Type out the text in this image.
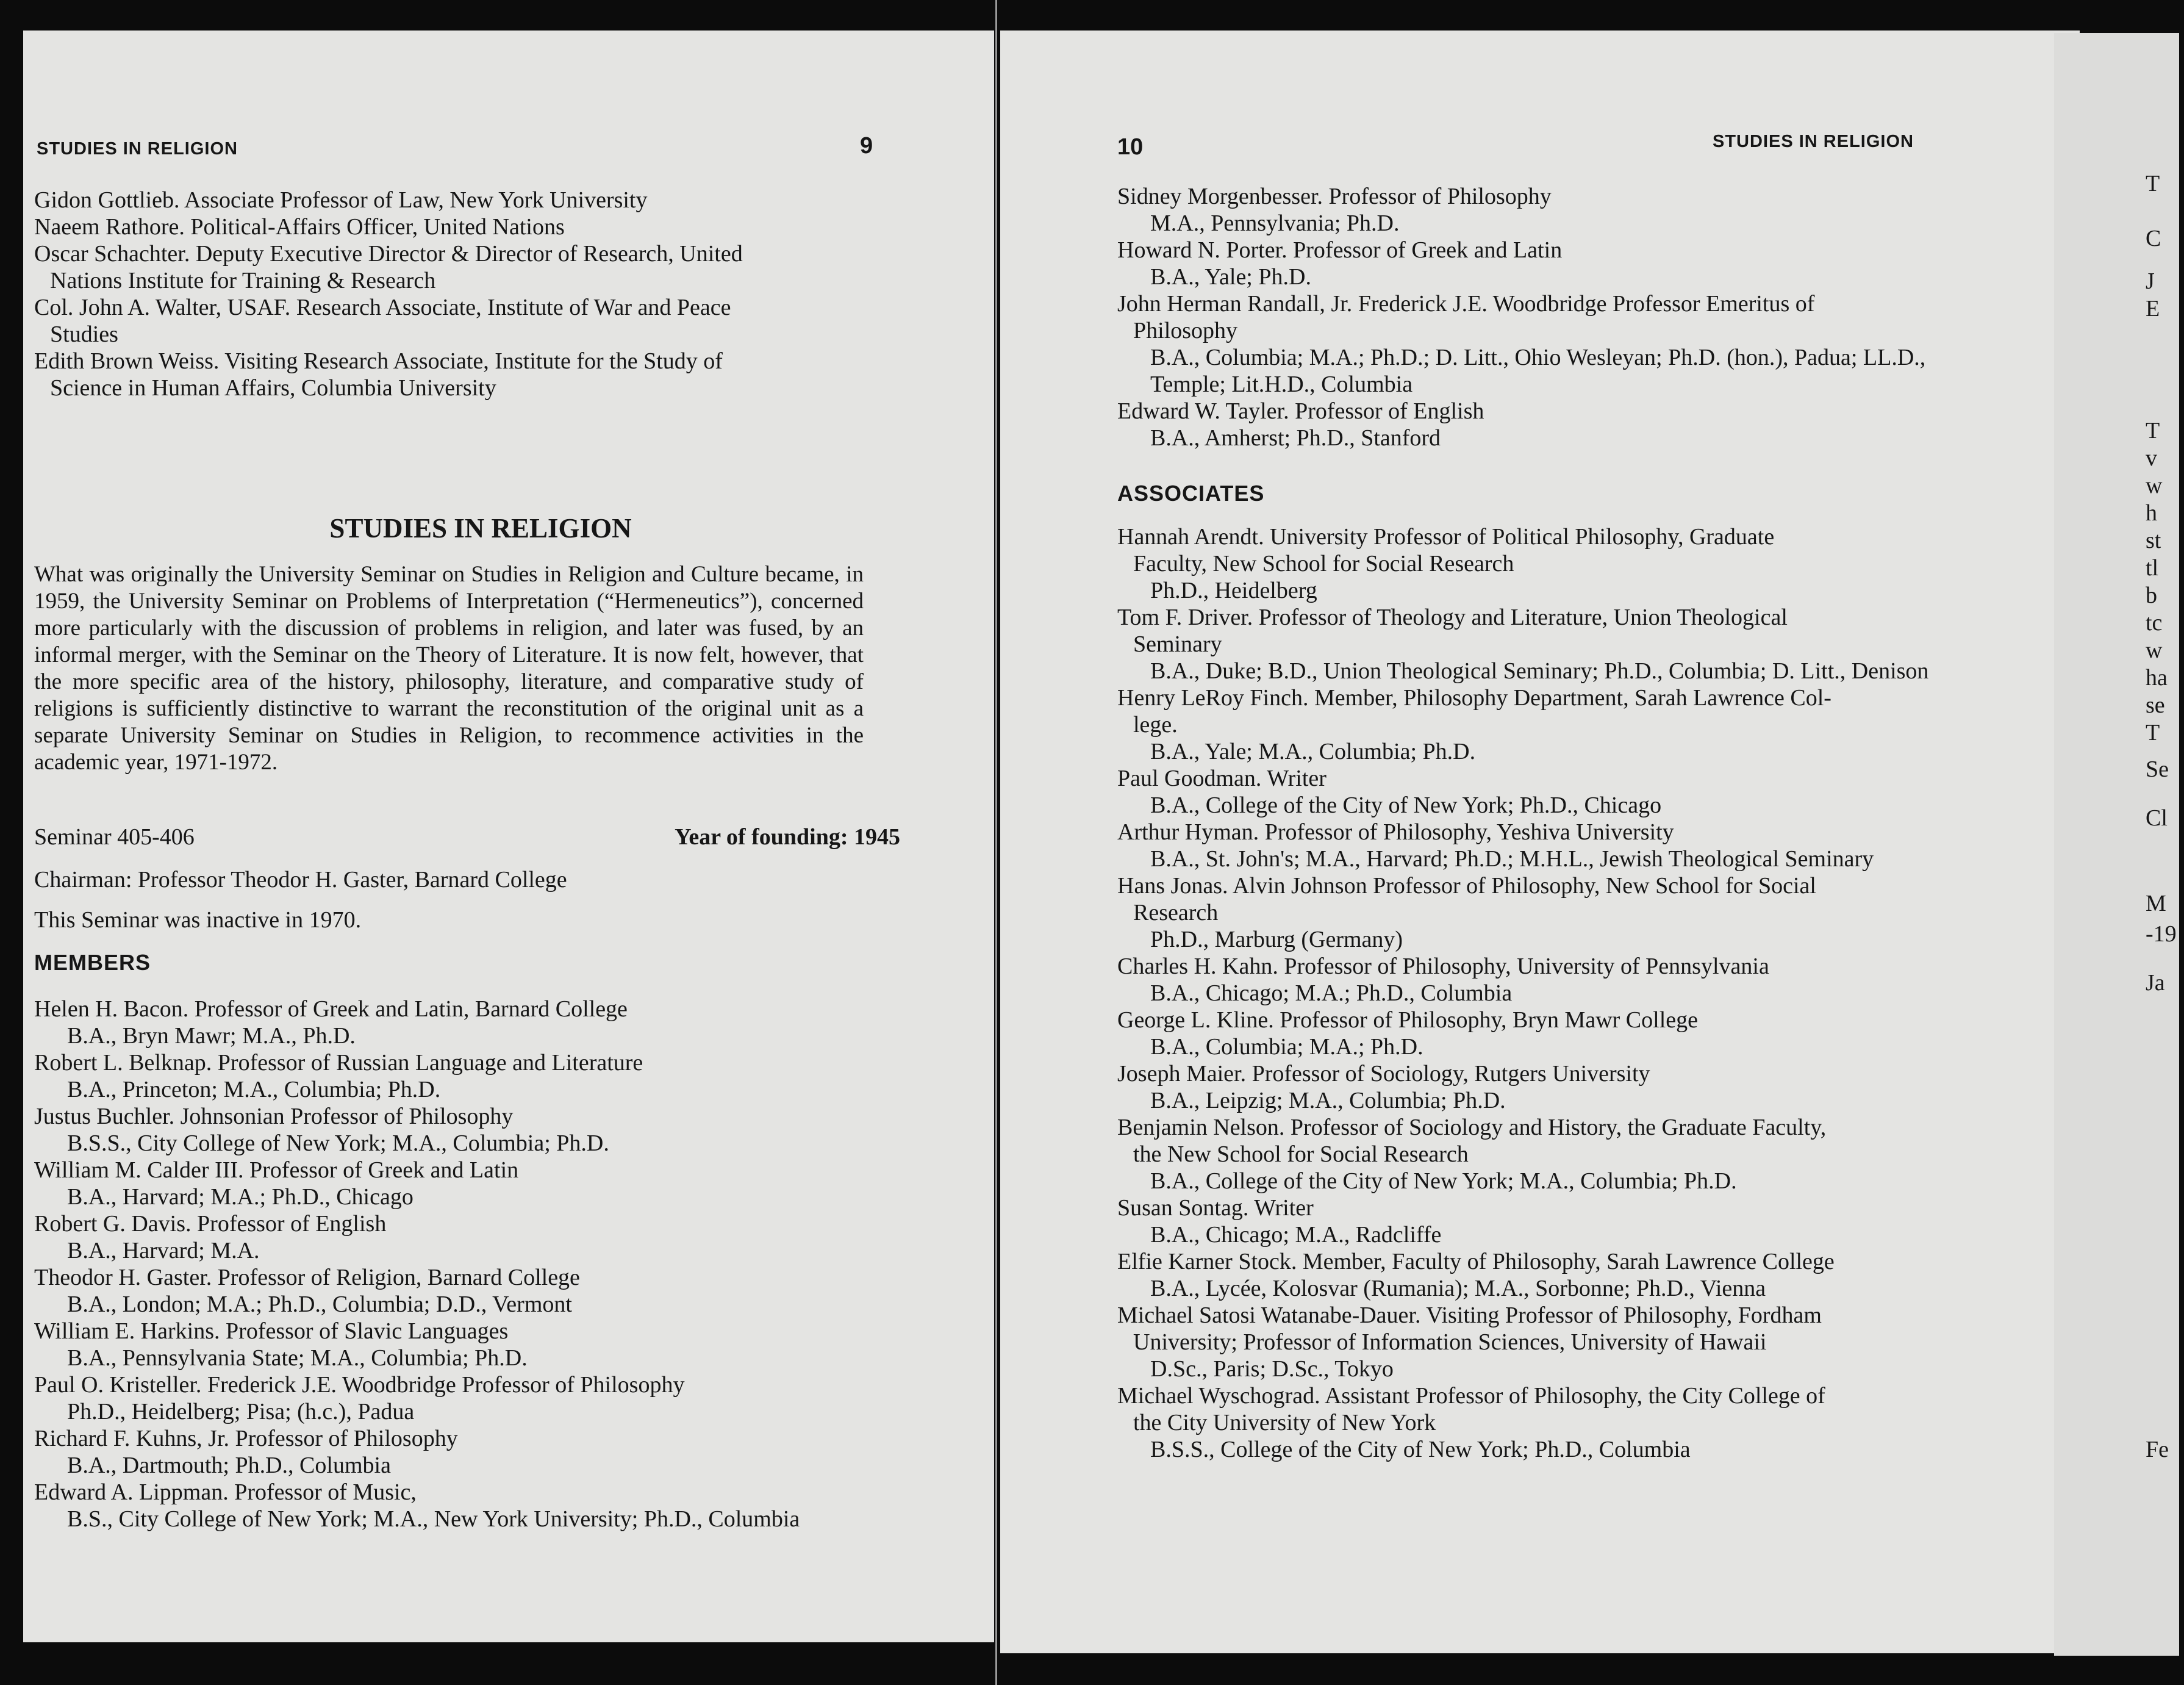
STUDIES IN RELIGION	9
Gidon Gottlieb. Associate Professor of Law, New York University
Naeem Rathore. Political-Affairs Officer, United Nations
Oscar Schachter. Deputy Executive Director & Director of Research, United
Nations Institute for Training & Research
Col. John A. Walter, USAF. Research Associate, Institute of War and Peace
Studies
Edith Brown Weiss. Visiting Research Associate, Institute for the Study of
Science in Human Affairs, Columbia University
STUDIES IN RELIGION
What was originally the University Seminar on Studies in Religion and Culture became, in 1959, the University Seminar on Problems of Interpretation (“Hermeneutics”), concerned more particularly with the discussion of problems in religion, and later was fused, by an informal merger, with the Seminar on the Theory of Literature. It is now felt, however, that the more specific area of the history, philosophy, literature, and comparative study of religions is sufficiently distinctive to warrant the reconstitution of the original unit as a separate University Seminar on Studies in Religion, to recommence activities in the academic year, 1971-1972.
Seminar 405-406	Year of founding: 1945
Chairman: Professor Theodor H. Gaster, Barnard College
This Seminar was inactive in 1970.
MEMBERS
Helen H. Bacon. Professor of Greek and Latin, Barnard College
B.A., Bryn Mawr; M.A., Ph.D.
Robert L. Belknap. Professor of Russian Language and Literature
B.A., Princeton; M.A., Columbia; Ph.D.
Justus Buchler. Johnsonian Professor of Philosophy
B.S.S., City College of New York; M.A., Columbia; Ph.D.
William M. Calder III. Professor of Greek and Latin
B.A., Harvard; M.A.; Ph.D., Chicago
Robert G. Davis. Professor of English
B.A., Harvard; M.A.
Theodor H. Gaster. Professor of Religion, Barnard College
B.A., London; M.A.; Ph.D., Columbia; D.D., Vermont
William E. Harkins. Professor of Slavic Languages
B.A., Pennsylvania State; M.A., Columbia; Ph.D.
Paul O. Kristeller. Frederick J.E. Woodbridge Professor of Philosophy
Ph.D., Heidelberg; Pisa; (h.c.), Padua
Richard F. Kuhns, Jr. Professor of Philosophy
B.A., Dartmouth; Ph.D., Columbia
Edward A. Lippman. Professor of Music,
B.S., City College of New York; M.A., New York University; Ph.D., Columbia
10	STUDIES IN RELIGION
Sidney Morgenbesser. Professor of Philosophy
M.A., Pennsylvania; Ph.D.
Howard N. Porter. Professor of Greek and Latin
B.A., Yale; Ph.D.
John Herman Randall, Jr. Frederick J.E. Woodbridge Professor Emeritus of
Philosophy
B.A., Columbia; M.A.; Ph.D.; D. Litt., Ohio Wesleyan; Ph.D. (hon.), Padua; LL.D., Temple; Lit.H.D., Columbia
Edward W. Tayler. Professor of English
B.A., Amherst; Ph.D., Stanford
ASSOCIATES
Hannah Arendt. University Professor of Political Philosophy, Graduate
Faculty, New School for Social Research
Ph.D., Heidelberg
Tom F. Driver. Professor of Theology and Literature, Union Theological
Seminary
B.A., Duke; B.D., Union Theological Seminary; Ph.D., Columbia; D. Litt., Denison
Henry LeRoy Finch. Member, Philosophy Department, Sarah Lawrence Col-
lege.
B.A., Yale; M.A., Columbia; Ph.D.
Paul Goodman. Writer
B.A., College of the City of New York; Ph.D., Chicago
Arthur Hyman. Professor of Philosophy, Yeshiva University
B.A., St. John's; M.A., Harvard; Ph.D.; M.H.L., Jewish Theological Seminary
Hans Jonas. Alvin Johnson Professor of Philosophy, New School for Social
Research
Ph.D., Marburg (Germany)
Charles H. Kahn. Professor of Philosophy, University of Pennsylvania
B.A., Chicago; M.A.; Ph.D., Columbia
George L. Kline. Professor of Philosophy, Bryn Mawr College
B.A., Columbia; M.A.; Ph.D.
Joseph Maier. Professor of Sociology, Rutgers University
B.A., Leipzig; M.A., Columbia; Ph.D.
Benjamin Nelson. Professor of Sociology and History, the Graduate Faculty,
the New School for Social Research
B.A., College of the City of New York; M.A., Columbia; Ph.D.
Susan Sontag. Writer
B.A., Chicago; M.A., Radcliffe
Elfie Karner Stock. Member, Faculty of Philosophy, Sarah Lawrence College
B.A., Lycée, Kolosvar (Rumania); M.A., Sorbonne; Ph.D., Vienna
Michael Satosi Watanabe-Dauer. Visiting Professor of Philosophy, Fordham
University; Professor of Information Sciences, University of Hawaii
D.Sc., Paris; D.Sc., Tokyo
Michael Wyschograd. Assistant Professor of Philosophy, the City College of
the City University of New York
B.S.S., College of the City of New York; Ph.D., Columbia
T
C
J
E
T
v
w
h
st
tl
b
tc
w
ha
se
T
Se
Cl
M
-19
Ja
Fe
